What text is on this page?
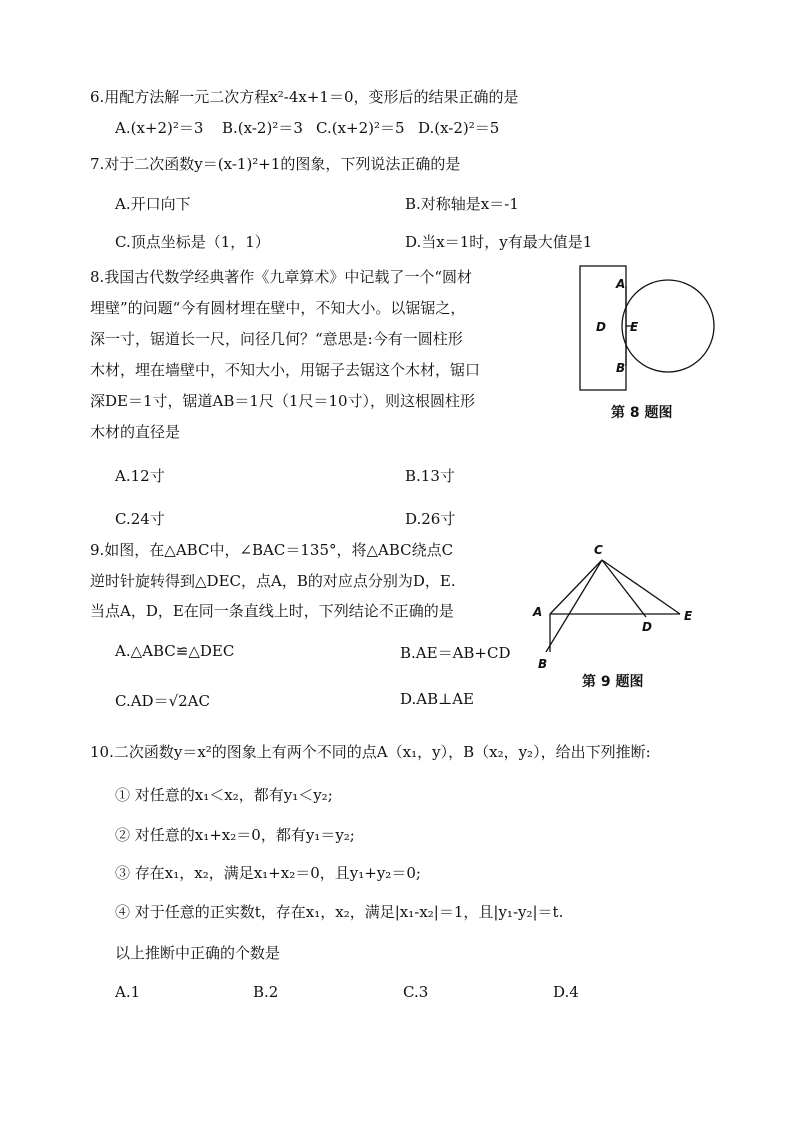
6.用配方法解一元二次方程x²-4x+1＝0，变形后的结果正确的是
A.(x+2)²＝3 B.(x-2)²＝3 C.(x+2)²＝5 D.(x-2)²＝5
7.对于二次函数y＝(x-1)²+1的图象，下列说法正确的是
A.开口向下	B.对称轴是x＝-1
C.顶点坐标是（1，1）	D.当x＝1时，y有最大值是1
8.我国古代数学经典著作《九章算术》中记载了一个“圆材
埋壁”的问题“今有圆材埋在壁中，不知大小。以锯锯之，
深一寸，锯道长一尺，问径几何？“意思是:今有一圆柱形
木材，埋在墙壁中，不知大小，用锯子去锯这个木材，锯口
深DE＝1寸，锯道AB＝1尺（1尺＝10寸），则这根圆柱形
木材的直径是
A.12寸	B.13寸
C.24寸	D.26寸
A
D E
B
第 8 题图
9.如图，在△ABC中，∠BAC＝135°，将△ABC绕点C
逆时针旋转得到△DEC，点A，B的对应点分别为D，E.
当点A，D，E在同一条直线上时，下列结论不正确的是
A.△ABC≌△DEC	B.AE＝AB+CD
C.AD＝√2AC	D.AB⊥AE
C
A
D
E
B
第 9 题图
10.二次函数y＝x²的图象上有两个不同的点A（x₁，y），B（x₂，y₂），给出下列推断:
① 对任意的x₁＜x₂，都有y₁＜y₂;
② 对任意的x₁+x₂＝0，都有y₁＝y₂;
③ 存在x₁，x₂，满足x₁+x₂＝0，且y₁+y₂＝0;
④ 对于任意的正实数t，存在x₁，x₂，满足|x₁-x₂|＝1，且|y₁-y₂|＝t.
以上推断中正确的个数是
A.1	B.2	C.3	D.4
